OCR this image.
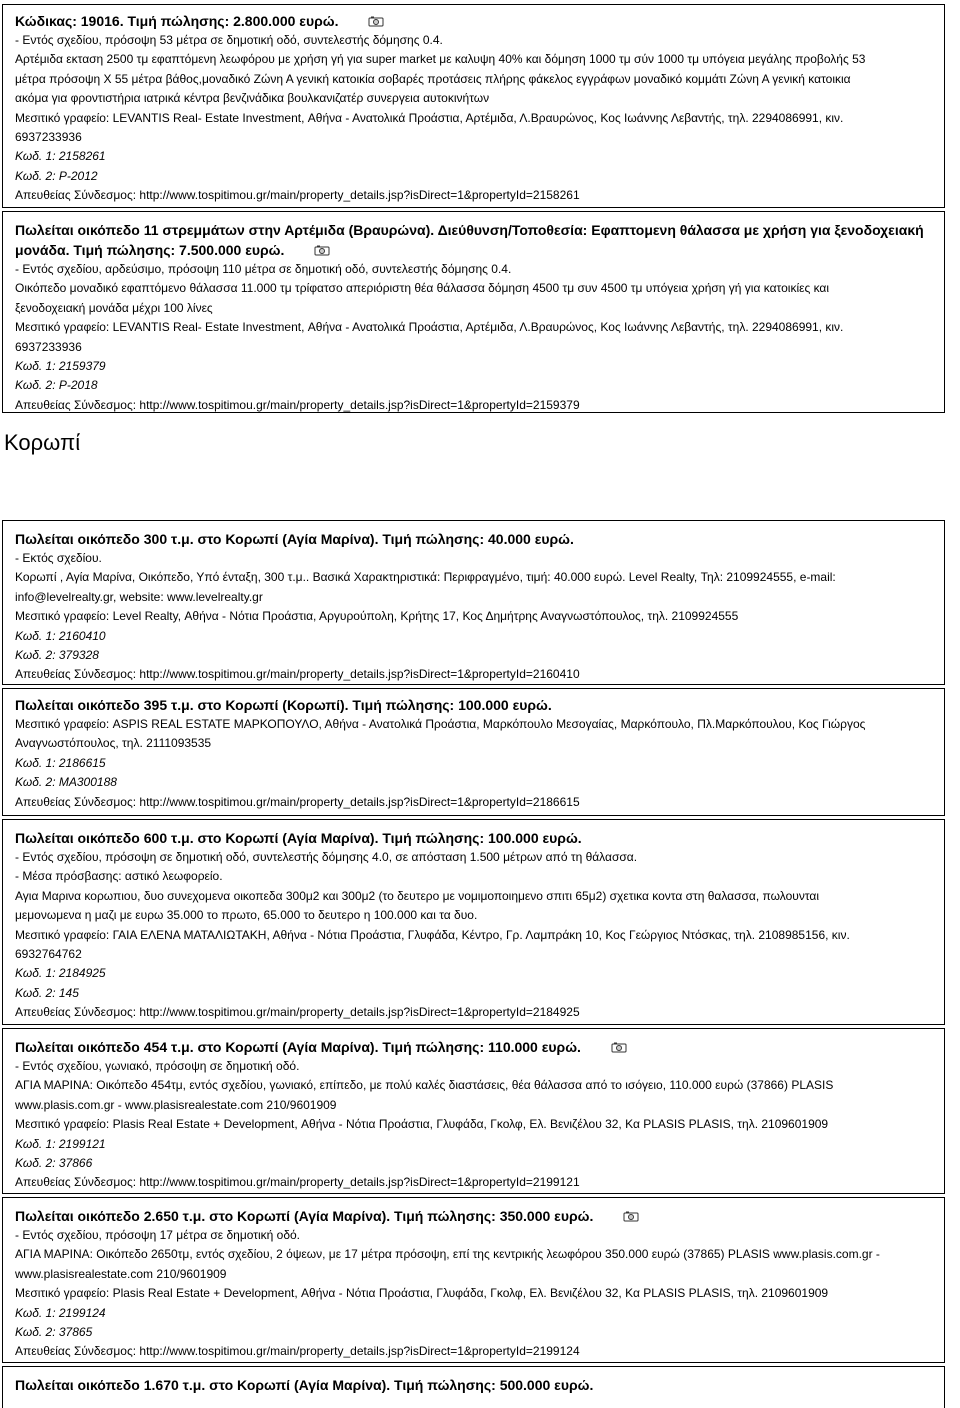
Κώδικας: 19016. Τιμή πώλησης: 2.800.000 ευρώ.
- Εντός σχεδίου, πρόσοψη 53 μέτρα σε δημοτική οδό, συντελεστής δόμησης 0.4.
Αρτέμιδα εκταση 2500 τμ εφαπτόμενη λεωφόρου με χρήση γή για super market με καλυψη 40% και δόμηση 1000 τμ σύν 1000 τμ υπόγεια μεγάλης προβολής 53
μέτρα πρόσοψη Χ 55 μέτρα βάθος,μοναδικό Ζώνη Α γενική κατοικία σοβαρές προτάσεις πλήρης φάκελος εγγράφων μοναδικό κομμάτι Ζώνη Α γενική κατοικια
ακόμα για φροντιστήρια ιατρικά κέντρα βενζινάδικα βουλκανιζατέρ συνεργεια αυτοκινήτων
Μεσιτικό γραφείο: LEVANTIS Real- Estate Investment, Αθήνα - Ανατολικά Προάστια, Αρτέμιδα, Λ.Βραυρώνος, Κος Ιωάννης Λεβαντής, τηλ. 2294086991, κιν.
6937233936
Κωδ. 1: 2158261
Κωδ. 2: P-2012
Απευθείας Σύνδεσμος: http://www.tospitimou.gr/main/property_details.jsp?isDirect=1&propertyId=2158261
Πωλείται οικόπεδο 11 στρεμμάτων στην Αρτέμιδα (Βραυρώνα). Διεύθυνση/Τοποθεσία: Εφαπτομενη θάλασσα με χρήση για ξενοδοχειακή
μονάδα. Τιμή πώλησης: 7.500.000 ευρώ.
- Εντός σχεδίου, αρδεύσιμο, πρόσοψη 110 μέτρα σε δημοτική οδό, συντελεστής δόμησης 0.4.
Οικόπεδο μοναδικό εφαπτόμενο θάλασσα 11.000 τμ τρίφατσο απεριόριστη θέα θάλασσα δόμηση 4500 τμ συν 4500 τμ υπόγεια χρήση γή για κατοικίες και
ξενοδοχειακή μονάδα μέχρι 100 λίνες
Μεσιτικό γραφείο: LEVANTIS Real- Estate Investment, Αθήνα - Ανατολικά Προάστια, Αρτέμιδα, Λ.Βραυρώνος, Κος Ιωάννης Λεβαντής, τηλ. 2294086991, κιν.
6937233936
Κωδ. 1: 2159379
Κωδ. 2: P-2018
Απευθείας Σύνδεσμος: http://www.tospitimou.gr/main/property_details.jsp?isDirect=1&propertyId=2159379
Κορωπί
Πωλείται οικόπεδο 300 τ.μ. στο Κορωπί (Αγία Μαρίνα). Τιμή πώλησης: 40.000 ευρώ.
- Εκτός σχεδίου.
Κορωπί , Αγία Μαρίνα, Οικόπεδο, Υπό ένταξη, 300 τ.μ.. Βασικά Χαρακτηριστικά: Περιφραγμένο, τιμή: 40.000 ευρώ. Level Realty, Τηλ: 2109924555, e-mail:
info@levelrealty.gr, website: www.levelrealty.gr
Μεσιτικό γραφείο: Level Realty, Αθήνα - Νότια Προάστια, Αργυρούπολη, Κρήτης 17, Κος Δημήτρης Αναγνωστόπουλος, τηλ. 2109924555
Κωδ. 1: 2160410
Κωδ. 2: 379328
Απευθείας Σύνδεσμος: http://www.tospitimou.gr/main/property_details.jsp?isDirect=1&propertyId=2160410
Πωλείται οικόπεδο 395 τ.μ. στο Κορωπί (Κορωπί). Τιμή πώλησης: 100.000 ευρώ.
Μεσιτικό γραφείο: ASPIS REAL ESTATE ΜΑΡΚΟΠΟΥΛΟ, Αθήνα - Ανατολικά Προάστια, Μαρκόπουλο Μεσογαίας, Μαρκόπουλο, Πλ.Μαρκόπουλου, Κος Γιώργος
Αναγνωστόπουλος, τηλ. 2111093535
Κωδ. 1: 2186615
Κωδ. 2: MA300188
Απευθείας Σύνδεσμος: http://www.tospitimou.gr/main/property_details.jsp?isDirect=1&propertyId=2186615
Πωλείται οικόπεδο 600 τ.μ. στο Κορωπί (Αγία Μαρίνα). Τιμή πώλησης: 100.000 ευρώ.
- Εντός σχεδίου, πρόσοψη σε δημοτική οδό, συντελεστής δόμησης 4.0, σε απόσταση 1.500 μέτρων από τη θάλασσα.
- Μέσα πρόσβασης: αστικό λεωφορείο.
Αγια Μαρινα κορωπιου, δυο συνεχομενα οικοπεδα 300μ2 και 300μ2 (το δευτερο με νομιμοποιημενο σπιτι 65μ2) σχετικα κοντα στη θαλασσα, πωλουνται
μεμονωμενα η μαζι με ευρω 35.000 το πρωτο, 65.000 το δευτερο η 100.000 και τα δυο.
Μεσιτικό γραφείο: ΓΑΙΑ ΕΛΕΝΑ ΜΑΤΑΛΙΩΤΑΚΗ, Αθήνα - Νότια Προάστια, Γλυφάδα, Κέντρο, Γρ. Λαμπράκη 10, Κος Γεώργιος Ντόσκας, τηλ. 2108985156, κιν.
6932764762
Κωδ. 1: 2184925
Κωδ. 2: 145
Απευθείας Σύνδεσμος: http://www.tospitimou.gr/main/property_details.jsp?isDirect=1&propertyId=2184925
Πωλείται οικόπεδο 454 τ.μ. στο Κορωπί (Αγία Μαρίνα). Τιμή πώλησης: 110.000 ευρώ.
- Εντός σχεδίου, γωνιακό, πρόσοψη σε δημοτική οδό.
ΑΓΙΑ ΜΑΡΙΝΑ: Οικόπεδο 454τμ, εντός σχεδίου, γωνιακό, επίπεδο, με πολύ καλές διαστάσεις, θέα θάλασσα από το ισόγειο, 110.000 ευρώ (37866) PLASIS
www.plasis.com.gr - www.plasisrealestate.com 210/9601909
Μεσιτικό γραφείο: Plasis Real Estate + Development, Αθήνα - Νότια Προάστια, Γλυφάδα, Γκολφ, Ελ. Βενιζέλου 32, Κα PLASIS PLASIS, τηλ. 2109601909
Κωδ. 1: 2199121
Κωδ. 2: 37866
Απευθείας Σύνδεσμος: http://www.tospitimou.gr/main/property_details.jsp?isDirect=1&propertyId=2199121
Πωλείται οικόπεδο 2.650 τ.μ. στο Κορωπί (Αγία Μαρίνα). Τιμή πώλησης: 350.000 ευρώ.
- Εντός σχεδίου, πρόσοψη 17 μέτρα σε δημοτική οδό.
ΑΓΙΑ ΜΑΡΙΝΑ: Οικόπεδο 2650τμ, εντός σχεδίου, 2 όψεων, με 17 μέτρα πρόσοψη, επί της κεντρικής λεωφόρου 350.000 ευρώ (37865) PLASIS www.plasis.com.gr -
www.plasisrealestate.com 210/9601909
Μεσιτικό γραφείο: Plasis Real Estate + Development, Αθήνα - Νότια Προάστια, Γλυφάδα, Γκολφ, Ελ. Βενιζέλου 32, Κα PLASIS PLASIS, τηλ. 2109601909
Κωδ. 1: 2199124
Κωδ. 2: 37865
Απευθείας Σύνδεσμος: http://www.tospitimou.gr/main/property_details.jsp?isDirect=1&propertyId=2199124
Πωλείται οικόπεδο 1.670 τ.μ. στο Κορωπί (Αγία Μαρίνα). Τιμή πώλησης: 500.000 ευρώ.
